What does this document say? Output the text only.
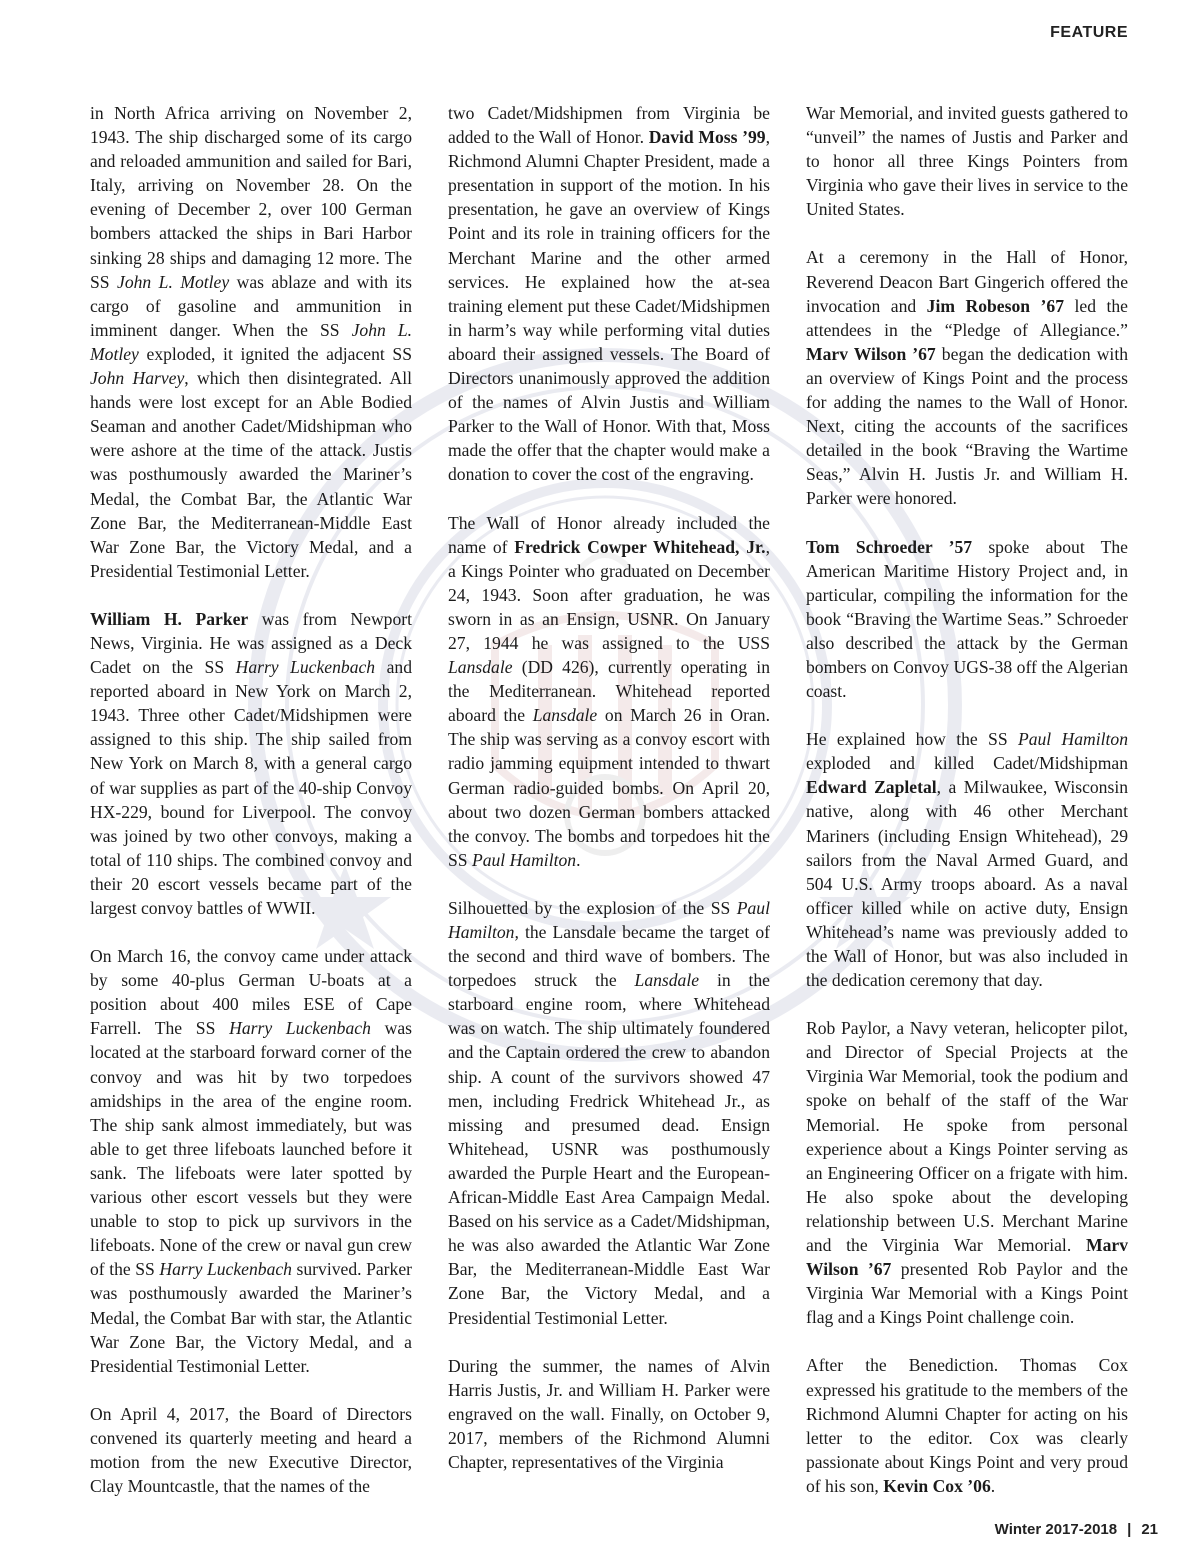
FEATURE

in North Africa arriving on November 2, 1943. The ship discharged some of its cargo and reloaded ammunition and sailed for Bari, Italy, arriving on November 28. On the evening of December 2, over 100 German bombers attacked the ships in Bari Harbor sinking 28 ships and damaging 12 more. The SS John L. Motley was ablaze and with its cargo of gasoline and ammunition in imminent danger. When the SS John L. Motley exploded, it ignited the adjacent SS John Harvey, which then disintegrated. All hands were lost except for an Able Bodied Seaman and another Cadet/Midshipman who were ashore at the time of the attack. Justis was posthumously awarded the Mariner’s Medal, the Combat Bar, the Atlantic War Zone Bar, the Mediterranean-Middle East War Zone Bar, the Victory Medal, and a Presidential Testimonial Letter.

William H. Parker was from Newport News, Virginia. He was assigned as a Deck Cadet on the SS Harry Luckenbach and reported aboard in New York on March 2, 1943. Three other Cadet/Midshipmen were assigned to this ship. The ship sailed from New York on March 8, with a general cargo of war supplies as part of the 40-ship Convoy HX-229, bound for Liverpool. The convoy was joined by two other convoys, making a total of 110 ships. The combined convoy and their 20 escort vessels became part of the largest convoy battles of WWII.

On March 16, the convoy came under attack by some 40-plus German U-boats at a position about 400 miles ESE of Cape Farrell. The SS Harry Luckenbach was located at the starboard forward corner of the convoy and was hit by two torpedoes amidships in the area of the engine room. The ship sank almost immediately, but was able to get three lifeboats launched before it sank. The lifeboats were later spotted by various other escort vessels but they were unable to stop to pick up survivors in the lifeboats. None of the crew or naval gun crew of the SS Harry Luckenbach survived. Parker was posthumously awarded the Mariner’s Medal, the Combat Bar with star, the Atlantic War Zone Bar, the Victory Medal, and a Presidential Testimonial Letter.

On April 4, 2017, the Board of Directors convened its quarterly meeting and heard a motion from the new Executive Director, Clay Mountcastle, that the names of the

two Cadet/Midshipmen from Virginia be added to the Wall of Honor. David Moss ’99, Richmond Alumni Chapter President, made a presentation in support of the motion. In his presentation, he gave an overview of Kings Point and its role in training officers for the Merchant Marine and the other armed services. He explained how the at-sea training element put these Cadet/Midshipmen in harm’s way while performing vital duties aboard their assigned vessels. The Board of Directors unanimously approved the addition of the names of Alvin Justis and William Parker to the Wall of Honor. With that, Moss made the offer that the chapter would make a donation to cover the cost of the engraving.

The Wall of Honor already included the name of Fredrick Cowper Whitehead, Jr., a Kings Pointer who graduated on December 24, 1943. Soon after graduation, he was sworn in as an Ensign, USNR. On January 27, 1944 he was assigned to the USS Lansdale (DD 426), currently operating in the Mediterranean. Whitehead reported aboard the Lansdale on March 26 in Oran. The ship was serving as a convoy escort with radio jamming equipment intended to thwart German radio-guided bombs. On April 20, about two dozen German bombers attacked the convoy. The bombs and torpedoes hit the SS Paul Hamilton.

Silhouetted by the explosion of the SS Paul Hamilton, the Lansdale became the target of the second and third wave of bombers. The torpedoes struck the Lansdale in the starboard engine room, where Whitehead was on watch. The ship ultimately foundered and the Captain ordered the crew to abandon ship. A count of the survivors showed 47 men, including Fredrick Whitehead Jr., as missing and presumed dead. Ensign Whitehead, USNR was posthumously awarded the Purple Heart and the European-African-Middle East Area Campaign Medal. Based on his service as a Cadet/Midshipman, he was also awarded the Atlantic War Zone Bar, the Mediterranean-Middle East War Zone Bar, the Victory Medal, and a Presidential Testimonial Letter.

During the summer, the names of Alvin Harris Justis, Jr. and William H. Parker were engraved on the wall. Finally, on October 9, 2017, members of the Richmond Alumni Chapter, representatives of the Virginia

War Memorial, and invited guests gathered to “unveil” the names of Justis and Parker and to honor all three Kings Pointers from Virginia who gave their lives in service to the United States.

At a ceremony in the Hall of Honor, Reverend Deacon Bart Gingerich offered the invocation and Jim Robeson ’67 led the attendees in the “Pledge of Allegiance.” Marv Wilson ’67 began the dedication with an overview of Kings Point and the process for adding the names to the Wall of Honor. Next, citing the accounts of the sacrifices detailed in the book “Braving the Wartime Seas,” Alvin H. Justis Jr. and William H. Parker were honored.

Tom Schroeder ’57 spoke about The American Maritime History Project and, in particular, compiling the information for the book “Braving the Wartime Seas.” Schroeder also described the attack by the German bombers on Convoy UGS-38 off the Algerian coast.

He explained how the SS Paul Hamilton exploded and killed Cadet/Midshipman Edward Zapletal, a Milwaukee, Wisconsin native, along with 46 other Merchant Mariners (including Ensign Whitehead), 29 sailors from the Naval Armed Guard, and 504 U.S. Army troops aboard. As a naval officer killed while on active duty, Ensign Whitehead’s name was previously added to the Wall of Honor, but was also included in the dedication ceremony that day.

Rob Paylor, a Navy veteran, helicopter pilot, and Director of Special Projects at the Virginia War Memorial, took the podium and spoke on behalf of the staff of the War Memorial. He spoke from personal experience about a Kings Pointer serving as an Engineering Officer on a frigate with him. He also spoke about the developing relationship between U.S. Merchant Marine and the Virginia War Memorial. Marv Wilson ’67 presented Rob Paylor and the Virginia War Memorial with a Kings Point flag and a Kings Point challenge coin.

After the Benediction. Thomas Cox expressed his gratitude to the members of the Richmond Alumni Chapter for acting on his letter to the editor. Cox was clearly passionate about Kings Point and very proud of his son, Kevin Cox ’06.

Winter 2017-2018 | 21
